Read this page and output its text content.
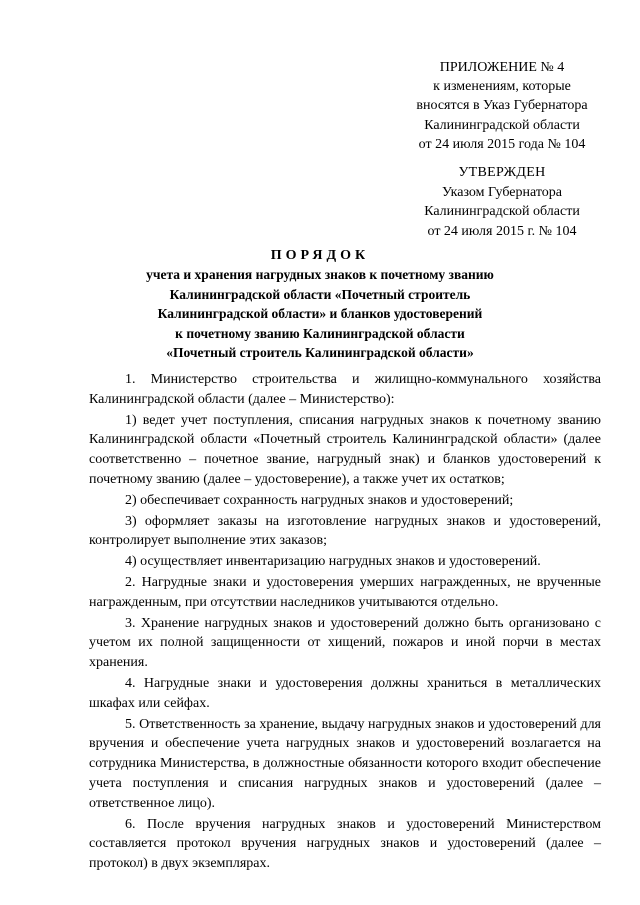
ПРИЛОЖЕНИЕ № 4
к изменениям, которые
вносятся в Указ Губернатора
Калининградской области
от 24 июля 2015 года № 104
УТВЕРЖДЕН
Указом Губернатора
Калининградской области
от 24 июля 2015 г. № 104
ПОРЯДОК
учета и хранения нагрудных знаков к почетному званию
Калининградской области «Почетный строитель
Калининградской области» и бланков удостоверений
к почетному званию Калининградской области
«Почетный строитель Калининградской области»

1. Министерство строительства и жилищно-коммунального хозяйства Калининградской области (далее – Министерство):

1) ведет учет поступления, списания нагрудных знаков к почетному званию Калининградской области «Почетный строитель Калининградской области» (далее соответственно – почетное звание, нагрудный знак) и бланков удостоверений к почетному званию (далее – удостоверение), а также учет их остатков;

2) обеспечивает сохранность нагрудных знаков и удостоверений;

3) оформляет заказы на изготовление нагрудных знаков и удостоверений, контролирует выполнение этих заказов;

4) осуществляет инвентаризацию нагрудных знаков и удостоверений.

2. Нагрудные знаки и удостоверения умерших награжденных, не врученные награжденным, при отсутствии наследников учитываются отдельно.

3. Хранение нагрудных знаков и удостоверений должно быть организовано с учетом их полной защищенности от хищений, пожаров и иной порчи в местах хранения.

4. Нагрудные знаки и удостоверения должны храниться в металлических шкафах или сейфах.

5. Ответственность за хранение, выдачу нагрудных знаков и удостоверений для вручения и обеспечение учета нагрудных знаков и удостоверений возлагается на сотрудника Министерства, в должностные обязанности которого входит обеспечение учета поступления и списания нагрудных знаков и удостоверений (далее – ответственное лицо).

6. После вручения нагрудных знаков и удостоверений Министерством составляется протокол вручения нагрудных знаков и удостоверений (далее – протокол) в двух экземплярах.
